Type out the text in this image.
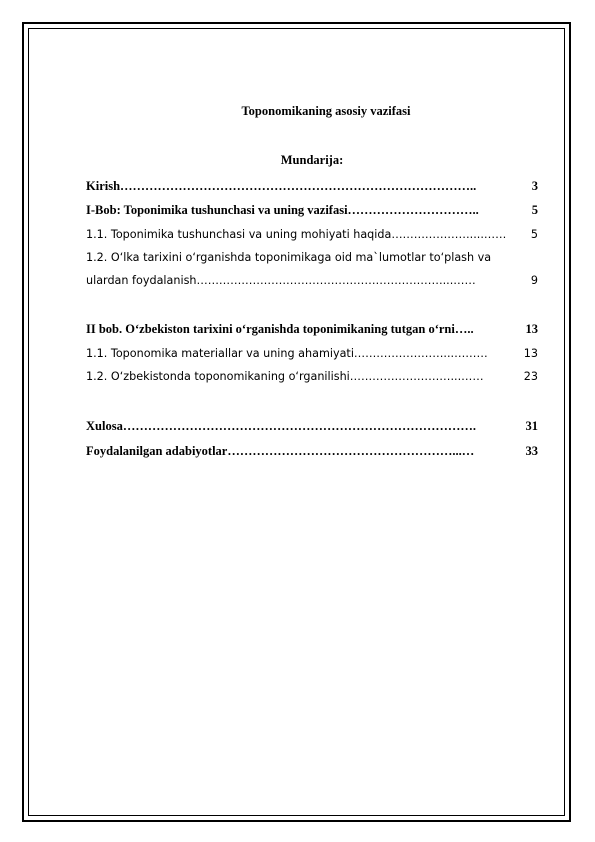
Toponomikaning asosiy vazifasi
Mundarija:
Kirish…………………………………………………………………………..	3
I-Bob: Toponimika tushunchasi va uning vazifasi…………………………..	5
1.1. Toponimika tushunchasi va uning mohiyati haqida…………………....…… 5
1.2. O‘lka tarixini o‘rganishda toponimikaga oid ma`lumotlar to‘plash va
ulardan foydalanish…………………………………………………………...……	9
II bob. O‘zbekiston tarixini o‘rganishda toponimikaning tutgan o‘rni…..	13
1.1. Toponomika materiallar va uning ahamiyati……………………...………	13
1.2. O‘zbekistonda toponomikaning o‘rganilishi………………………...……	23
Xulosa………………………………………………………………………….	31
Foydalanilgan adabiyotlar………………………………………………...…	33
